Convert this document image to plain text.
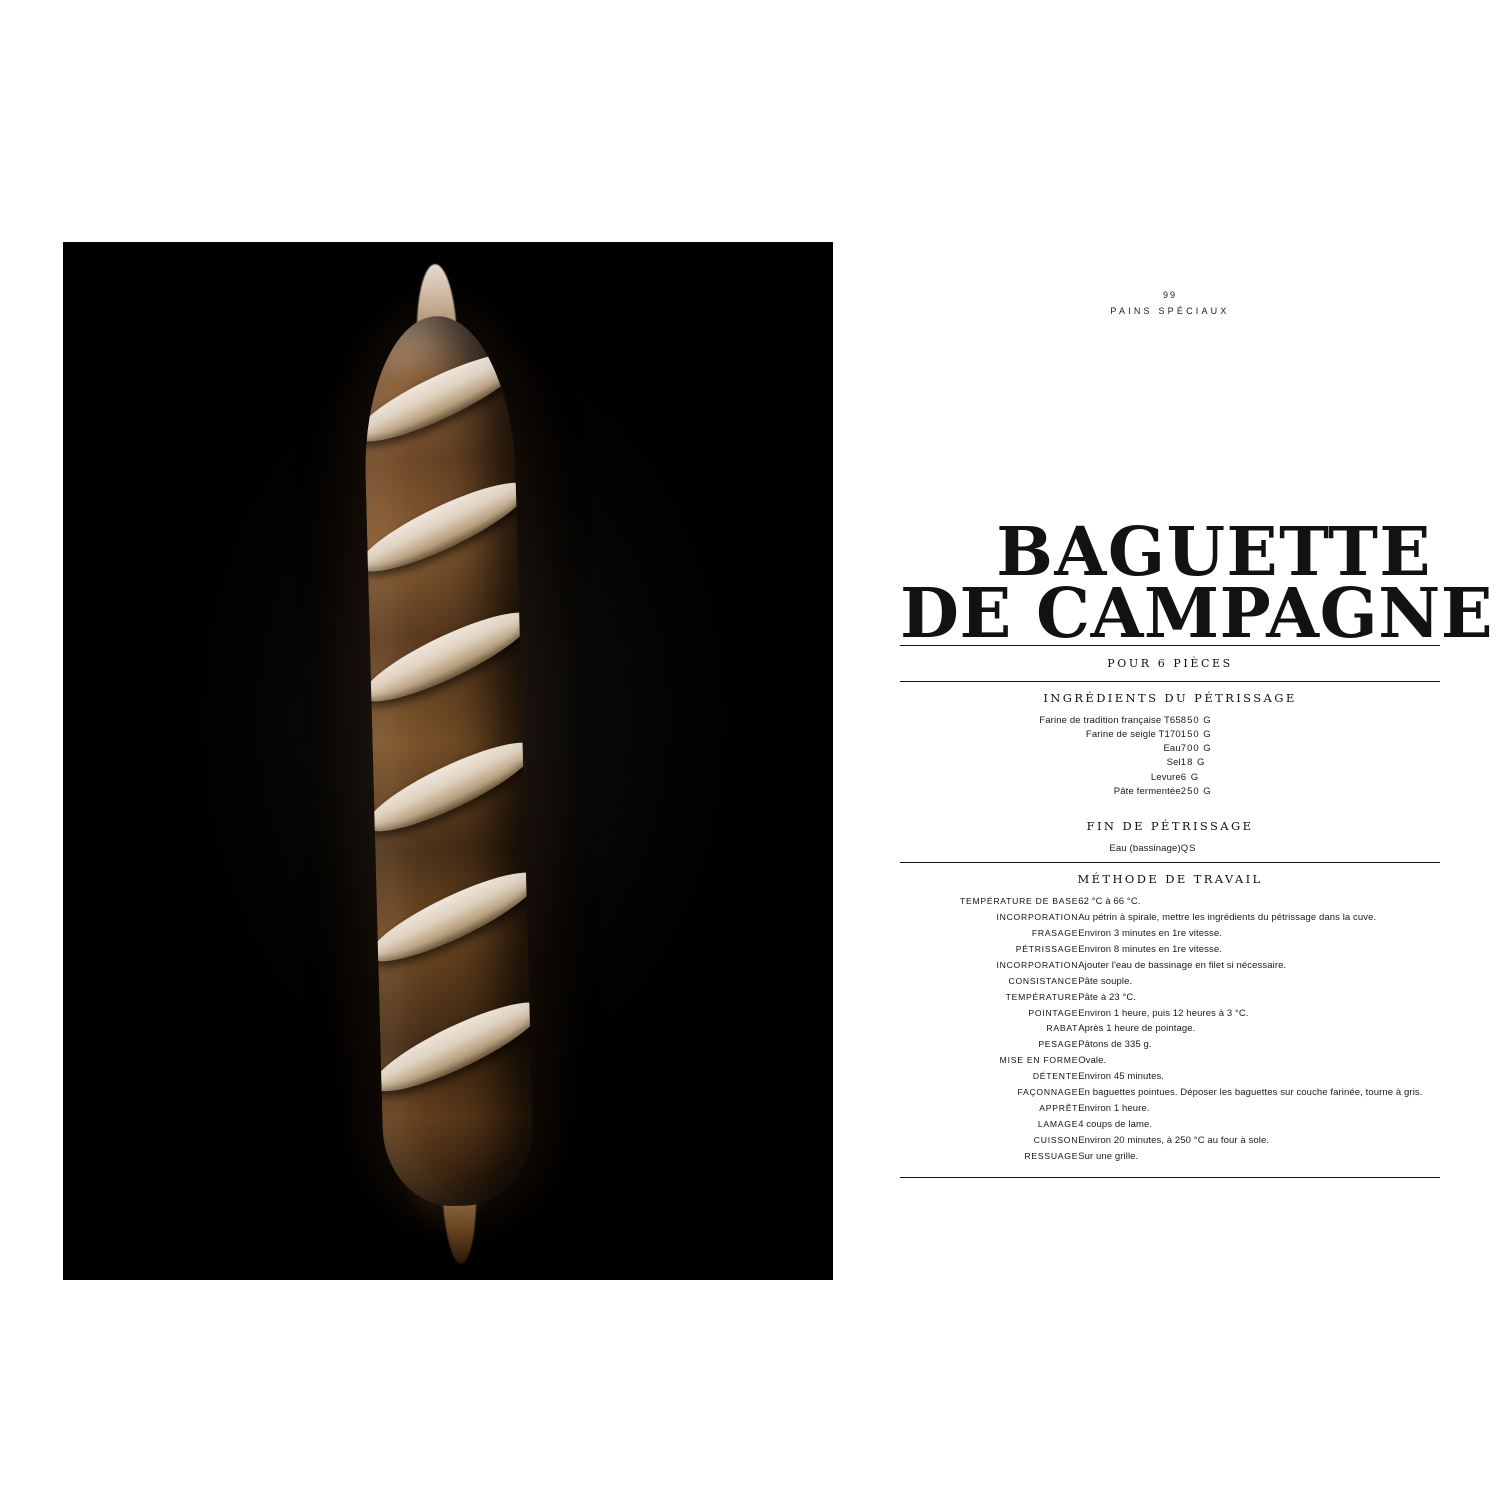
99
PAINS SPÉCIAUX
BAGUETTE
DE CAMPAGNE
POUR 6 PIÈCES
INGRÉDIENTS DU PÉTRISSAGE
Farine de tradition française T65	850 G
Farine de seigle T170	150 G
Eau	700 G
Sel	18 G
Levure	6 G
Pâte fermentée	250 G
FIN DE PÉTRISSAGE
Eau (bassinage)	QS
MÉTHODE DE TRAVAIL
TEMPÉRATURE DE BASE	62 °C à 66 °C.
INCORPORATION	Au pétrin à spirale, mettre les ingrédients du pétrissage dans la cuve.
FRASAGE	Environ 3 minutes en 1re vitesse.
PÉTRISSAGE	Environ 8 minutes en 1re vitesse.
INCORPORATION	Ajouter l'eau de bassinage en filet si nécessaire.
CONSISTANCE	Pâte souple.
TEMPÉRATURE	Pâte à 23 °C.
POINTAGE	Environ 1 heure, puis 12 heures à 3 °C.
RABAT	Après 1 heure de pointage.
PESAGE	Pâtons de 335 g.
MISE EN FORME	Ovale.
DÉTENTE	Environ 45 minutes.
FAÇONNAGE	En baguettes pointues. Déposer les baguettes sur couche farinée, tourne à gris.
APPRÊT	Environ 1 heure.
LAMAGE	4 coups de lame.
CUISSON	Environ 20 minutes, à 250 °C au four à sole.
RESSUAGE	Sur une grille.
